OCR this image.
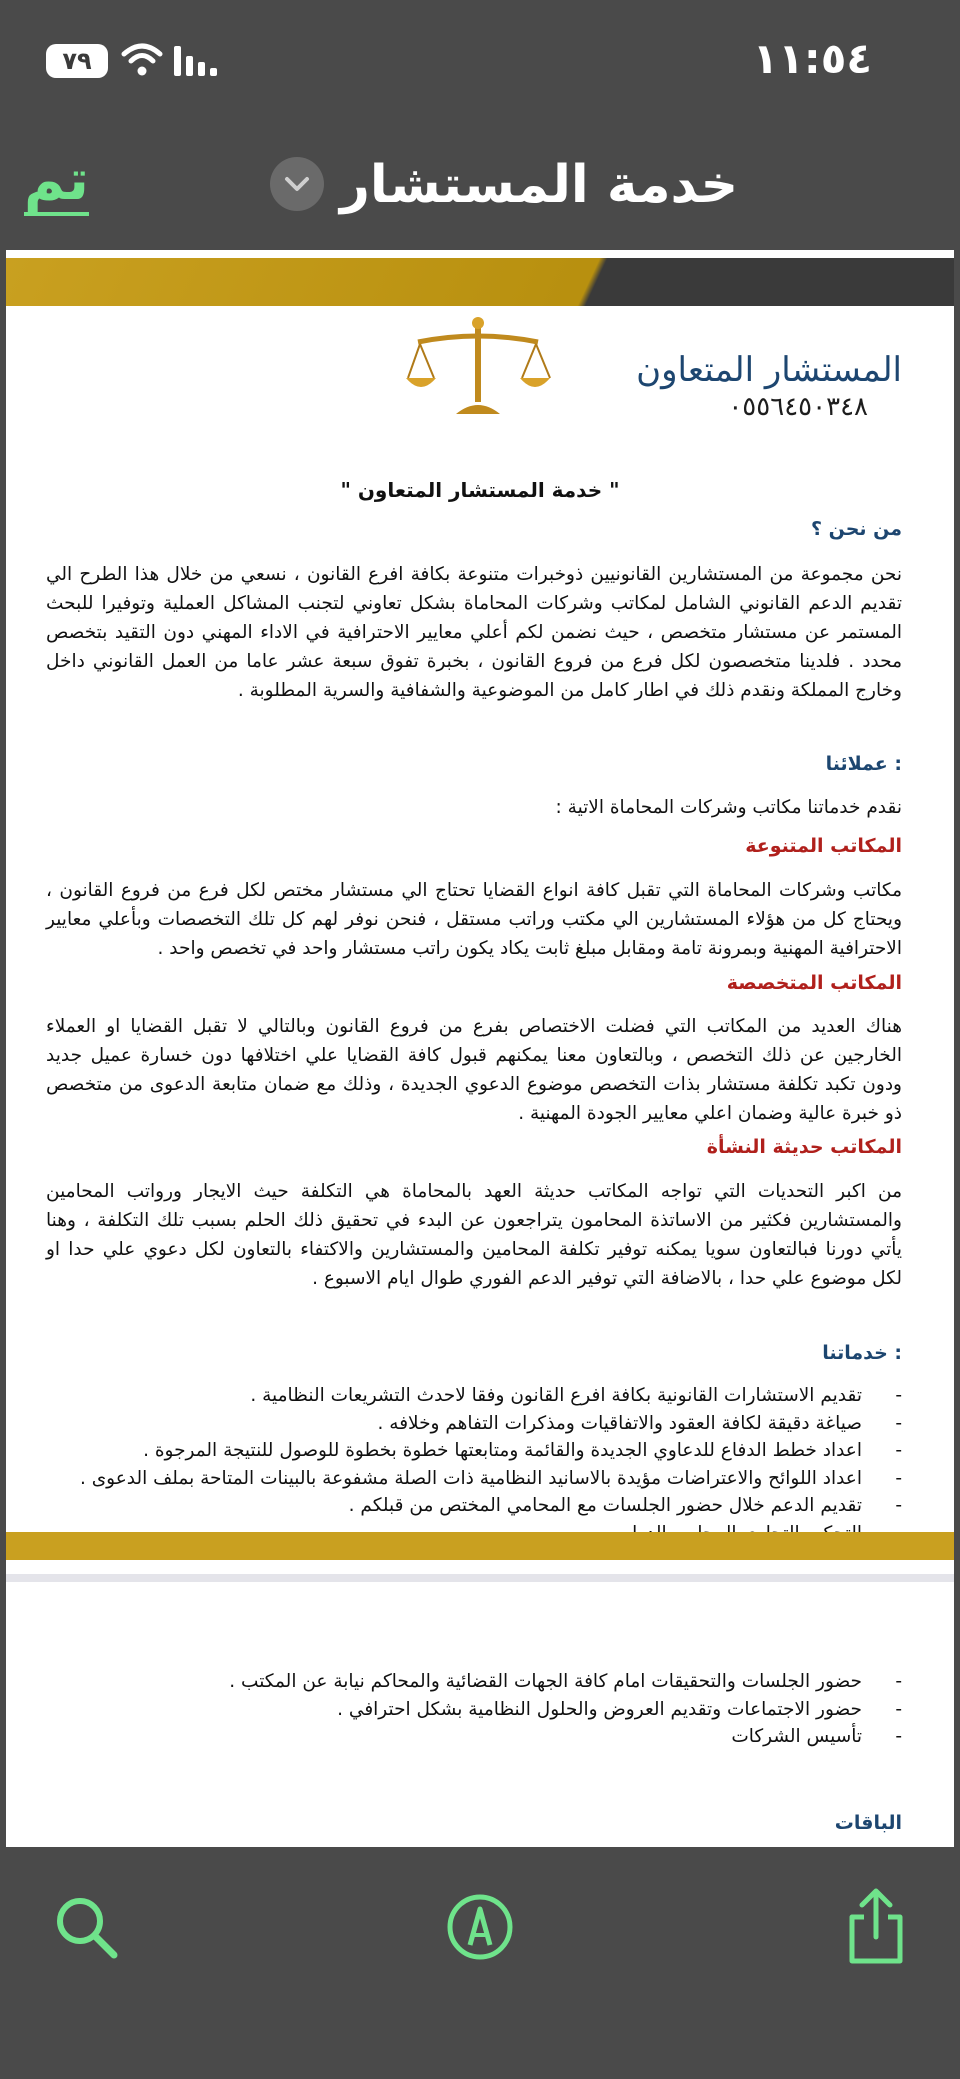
٧٩	١١:٥٤
تم	خدمة المستشار
المستشار المتعاون
٠٥٥٦٤٥٠٣٤٨
" خدمة المستشار المتعاون "
من نحن ؟
نحن مجموعة من المستشارين القانونيين ذوخبرات متنوعة بكافة افرع القانون ، نسعي من خلال هذا الطرح الي تقديم الدعم القانوني الشامل لمكاتب وشركات المحاماة بشكل تعاوني لتجنب المشاكل العملية وتوفيرا للبحث المستمر عن مستشار متخصص ، حيث نضمن لكم أعلي معايير الاحترافية في الاداء المهني دون التقيد بتخصص محدد . فلدينا متخصصون لكل فرع من فروع القانون ، بخبرة تفوق سبعة عشر عاما من العمل القانوني داخل وخارج المملكة ونقدم ذلك في اطار كامل من الموضوعية والشفافية والسرية المطلوبة .
عملائنا :
نقدم خدماتنا مكاتب وشركات المحاماة الاتية :
المكاتب المتنوعة
مكاتب وشركات المحاماة التي تقبل كافة انواع القضايا تحتاج الي مستشار مختص لكل فرع من فروع القانون ، ويحتاج كل من هؤلاء المستشارين الي مكتب وراتب مستقل ، فنحن نوفر لهم كل تلك التخصصات وبأعلي معايير الاحترافية المهنية وبمرونة تامة ومقابل مبلغ ثابت يكاد يكون راتب مستشار واحد في تخصص واحد .
المكاتب المتخصصة
هناك العديد من المكاتب التي فضلت الاختصاص بفرع من فروع القانون وبالتالي لا تقبل القضايا او العملاء الخارجين عن ذلك التخصص ، وبالتعاون معنا يمكنهم قبول كافة القضايا علي اختلافها دون خسارة عميل جديد ودون تكبد تكلفة مستشار بذات التخصص موضوع الدعوي الجديدة ، وذلك مع ضمان متابعة الدعوى من متخصص ذو خبرة عالية وضمان اعلي معايير الجودة المهنية .
المكاتب حديثة النشأة
من اكبر التحديات التي تواجه المكاتب حديثة العهد بالمحاماة هي التكلفة حيث الايجار ورواتب المحامين والمستشارين فكثير من الاساتذة المحامون يتراجعون عن البدء في تحقيق ذلك الحلم بسبب تلك التكلفة ، وهنا يأتي دورنا فبالتعاون سويا يمكنه توفير تكلفة المحامين والمستشارين والاكتفاء بالتعاون لكل دعوي علي حدا او لكل موضوع علي حدا ، بالاضافة التي توفير الدعم الفوري طوال ايام الاسبوع .
خدماتنا :
- تقديم الاستشارات القانونية بكافة افرع القانون وفقا لاحدث التشريعات النظامية .
- صياغة دقيقة لكافة العقود والاتفاقيات ومذكرات التفاهم وخلافه .
- اعداد خطط الدفاع للدعاوي الجديدة والقائمة ومتابعتها خطوة بخطوة للوصول للنتيجة المرجوة .
- اعداد اللوائح والاعتراضات مؤيدة بالاسانيد النظامية ذات الصلة مشفوعة بالبينات المتاحة بملف الدعوى .
- تقديم الدعم خلال حضور الجلسات مع المحامي المختص من قبلكم .
-
- حضور الجلسات والتحقيقات امام كافة الجهات القضائية والمحاكم نيابة عن المكتب .
- حضور الاجتماعات وتقديم العروض والحلول النظامية بشكل احترافي .
- تأسيس الشركات
الباقات
